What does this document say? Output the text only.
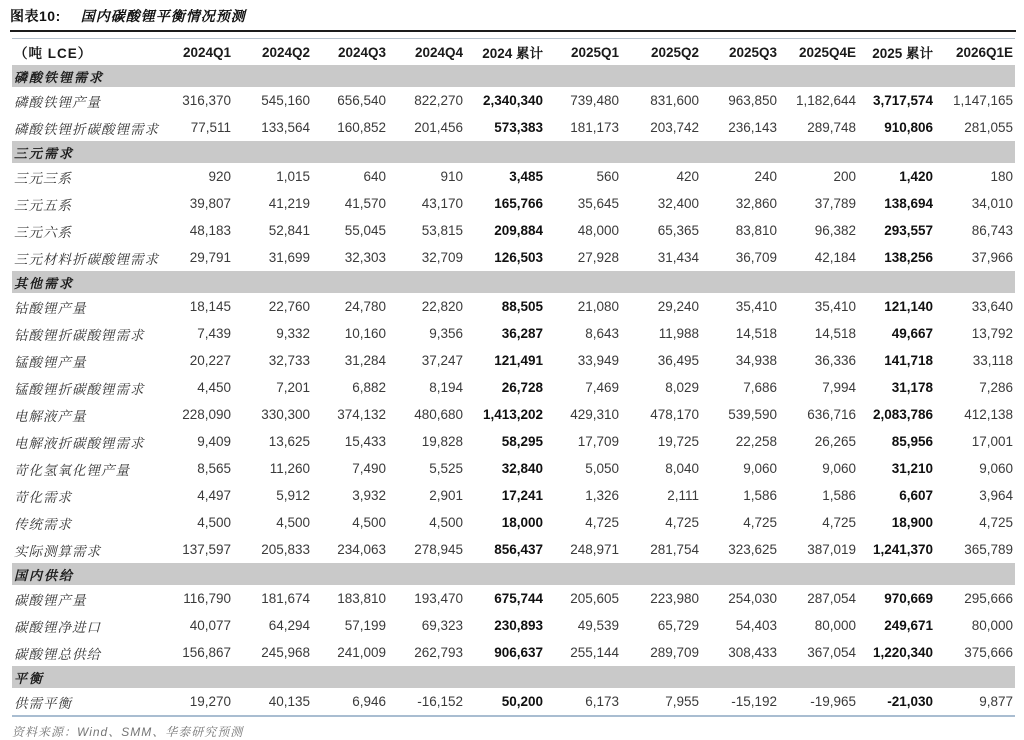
图表10: 国内碳酸锂平衡情况预测
（吨 LCE）	2024Q1	2024Q2	2024Q3	2024Q4	2024 累计	2025Q1	2025Q2	2025Q3	2025Q4E	2025 累计	2026Q1E
磷酸铁锂需求											
磷酸铁锂产量	316,370	545,160	656,540	822,270	2,340,340	739,480	831,600	963,850	1,182,644	3,717,574	1,147,165
磷酸铁锂折碳酸锂需求	77,511	133,564	160,852	201,456	573,383	181,173	203,742	236,143	289,748	910,806	281,055
三元需求											
三元三系	920	1,015	640	910	3,485	560	420	240	200	1,420	180
三元五系	39,807	41,219	41,570	43,170	165,766	35,645	32,400	32,860	37,789	138,694	34,010
三元六系	48,183	52,841	55,045	53,815	209,884	48,000	65,365	83,810	96,382	293,557	86,743
三元材料折碳酸锂需求	29,791	31,699	32,303	32,709	126,503	27,928	31,434	36,709	42,184	138,256	37,966
其他需求											
钴酸锂产量	18,145	22,760	24,780	22,820	88,505	21,080	29,240	35,410	35,410	121,140	33,640
钴酸锂折碳酸锂需求	7,439	9,332	10,160	9,356	36,287	8,643	11,988	14,518	14,518	49,667	13,792
锰酸锂产量	20,227	32,733	31,284	37,247	121,491	33,949	36,495	34,938	36,336	141,718	33,118
锰酸锂折碳酸锂需求	4,450	7,201	6,882	8,194	26,728	7,469	8,029	7,686	7,994	31,178	7,286
电解液产量	228,090	330,300	374,132	480,680	1,413,202	429,310	478,170	539,590	636,716	2,083,786	412,138
电解液折碳酸锂需求	9,409	13,625	15,433	19,828	58,295	17,709	19,725	22,258	26,265	85,956	17,001
苛化氢氧化锂产量	8,565	11,260	7,490	5,525	32,840	5,050	8,040	9,060	9,060	31,210	9,060
苛化需求	4,497	5,912	3,932	2,901	17,241	1,326	2,111	1,586	1,586	6,607	3,964
传统需求	4,500	4,500	4,500	4,500	18,000	4,725	4,725	4,725	4,725	18,900	4,725
实际测算需求	137,597	205,833	234,063	278,945	856,437	248,971	281,754	323,625	387,019	1,241,370	365,789
国内供给											
碳酸锂产量	116,790	181,674	183,810	193,470	675,744	205,605	223,980	254,030	287,054	970,669	295,666
碳酸锂净进口	40,077	64,294	57,199	69,323	230,893	49,539	65,729	54,403	80,000	249,671	80,000
碳酸锂总供给	156,867	245,968	241,009	262,793	906,637	255,144	289,709	308,433	367,054	1,220,340	375,666
平衡											
供需平衡	19,270	40,135	6,946	-16,152	50,200	6,173	7,955	-15,192	-19,965	-21,030	9,877
资料来源：Wind、SMM、华泰研究预测
